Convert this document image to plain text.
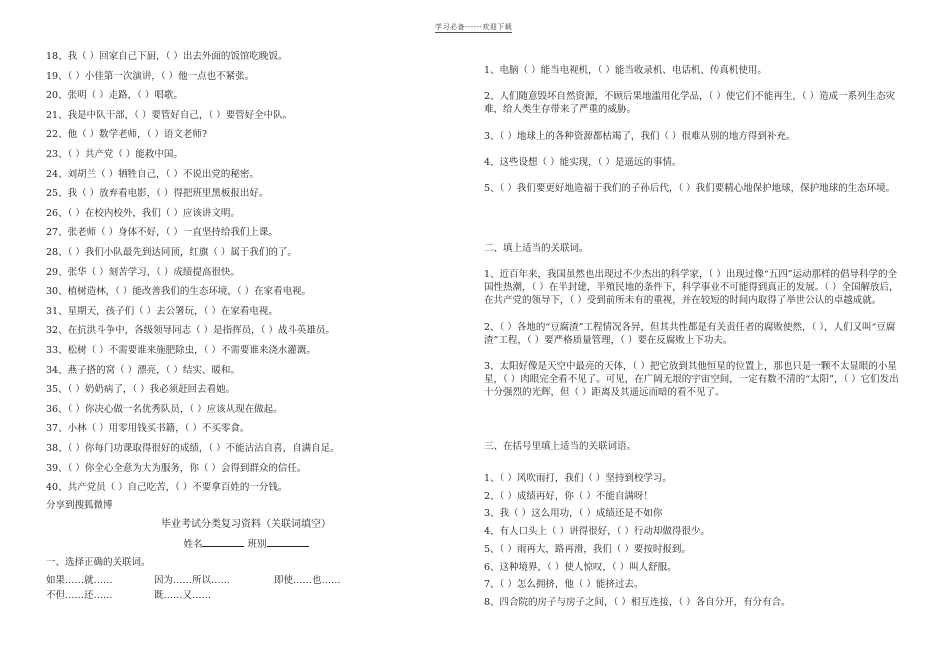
学习必备------欢迎下载
18、我（ ）回家自己下厨，（ ）出去外面的饭馆吃晚饭。
19、（ ）小佳第一次演讲，（ ）他一点也不紧张。
20、张明（ ）走路，（ ）唱歌。
21、我是中队干部，（ ）要管好自己，（ ）要管好全中队。
22、他（ ）数学老师，（ ）语文老师?
23、（ ）共产党（ ）能救中国。
24、刘胡兰（ ）牺牲自己，（ ）不说出党的秘密。
25、我（ ）放弃看电影，（ ）得把班里黑板报出好。
26、（ ）在校内校外，我们（ ）应该讲文明。
27、张老师（ ）身体不好，（ ）一直坚持给我们上课。
28、（ ）我们小队最先到达同顶，红旗（ ）属于我们的了。
29、张华（ ）刻苦学习，（ ）成绩提高很快。
30、植树造林，（ ）能改善我们的生态环境，（ ）在家看电视。
31、星期天，孩子们（ ）去公署玩，（ ）在家看电视。
32、在抗洪斗争中，各级领导同志（ ）是指挥员，（ ）战斗英雄员。
33、松树（ ）不需要谁来施肥除虫，（ ）不需要谁来浇水灌溉。
34、燕子搭的窝（ ）漂亮，（ ）结实、暖和。
35、（ ）奶奶病了，（ ）我必须赶回去看她。
36、（ ）你决心做一名优秀队员，（ ）应该从现在做起。
37、小林（ ）用零用钱买书籍，（ ）不买零食。
38、（ ）你每门功课取得很好的成绩，（ ）不能沾沾自喜，自满自足。
39、（ ）你全心全意为大为服务，你（ ）会得到群众的信任。
40、共产党员（ ）自己吃苦，（ ）不要拿百姓的一分钱。
分享到搜狐微博
毕业考试分类复习资料（关联词填空）
姓名	班别
一、选择正确的关联词。
如果……就……	因为……所以……	即使……也……
不但……还……	既……又……
1、电脑（ ）能当电视机，（ ）能当收录机、电话机、传真机使用。
2、人们随意毁坏自然资源，不顾后果地滥用化学品，（ ）使它们不能再生，（ ）造成一系列生态灾难，给人类生存带来了严重的威胁。
3、（ ）地球上的各种资源都枯竭了，我们（ ）很难从别的地方得到补充。
4、这些设想（ ）能实现，（ ）是遥远的事情。
5、（ ）我们要更好地造福于我们的子孙后代，（ ）我们要精心地保护地球，保护地球的生态环境。
二、填上适当的关联词。
1、近百年来，我国虽然也出现过不少杰出的科学家，（ ）出现过像“五四”运动那样的倡导科学的全国性热潮，（ ）在半封建，半殖民地的条件下，科学事业不可能得到真正的发展。（ ）全国解放后，在共产党的领导下，（ ）受到前所未有的重视，并在较短的时间内取得了举世公认的卓越成就。
2、（ ）各地的“豆腐渣”工程情况各异，但其共性都是有关责任者的腐败使然，（ ），人们又叫“豆腐渣”工程，（ ）要严格质量管理，（ ）要在反腐败上下功夫。
3、太阳好像是天空中最亮的天体，（ ）把它放到其他恒星的位置上，那也只是一颗不太显眼的小星星，（ ）肉眼完全看不见了。可见，在广阔无垠的宇宙空间，一定有数不清的“太阳”，（ ）它们发出十分强烈的光辉，但（ ）距离及其遥远而暗的看不见了。
三、在括号里填上适当的关联词语。
1、（ ）风吹雨打，我们（ ）坚持到校学习。
2、（ ）成绩再好，你（ ）不能自满呀！
3、我（ ）这么用功，（ ）成绩还是不如你
4、有人口头上（ ）讲得很好，（ ）行动却做得很少。
5、（ ）雨再大，路再滑，我们（ ）要按时报到。
6、这种境界，（ ）使人惊叹，（ ）叫人舒服。
7、（ ）怎么拥挤，他（ ）能挤过去。
8、四合院的房子与房子之间，（ ）相互连接，（ ）各自分开，有分有合。
